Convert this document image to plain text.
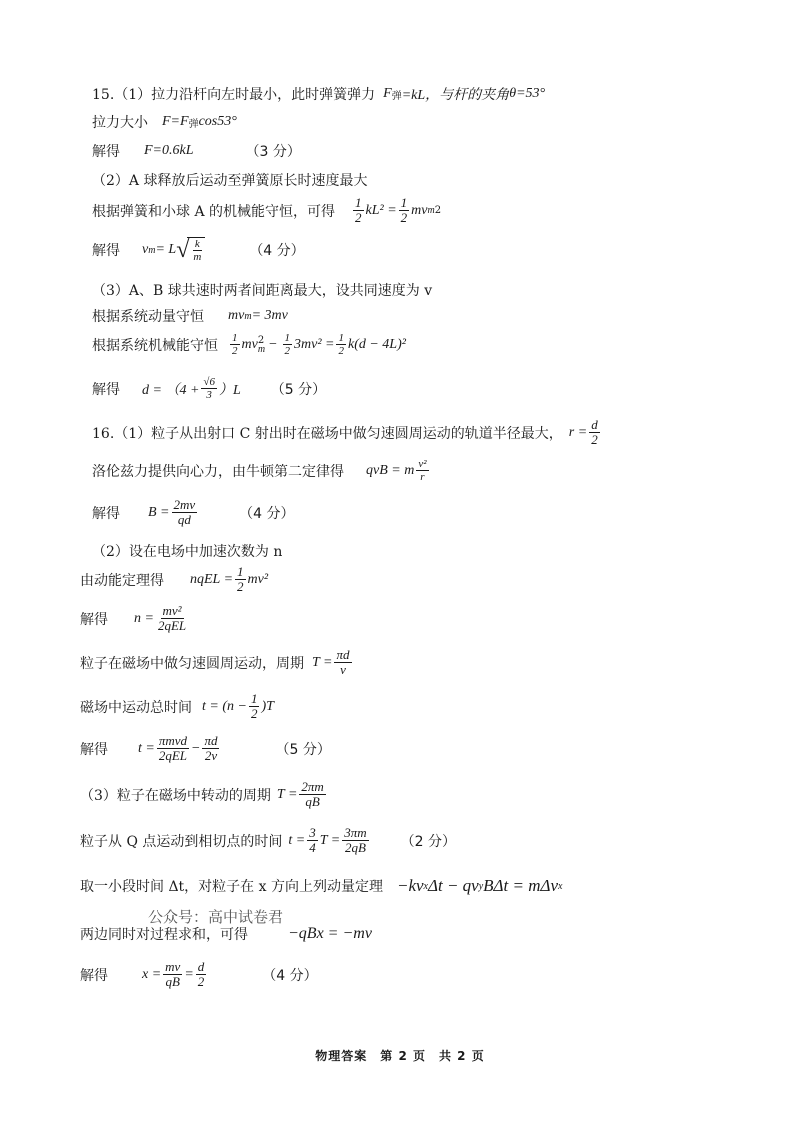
15.（1）拉力沿杆向左时最小，此时弹簧弹力 F 弹 =kL，与杆的夹角 θ=53°
拉力大小 F=F 弹 cos53°
解得 F=0.6kL	（3 分）
（2）A 球释放后运动至弹簧原长时速度最大
根据弹簧和小球 A 的机械能守恒，可得 $\frac{1}{2} kL^2 = \frac{1}{2}$ mv m 2
解得 v m = L √ $\frac{k}{m}$	（4 分）
（3）A、B 球共速时两者间距离最大，设共同速度为 v
根据系统动量守恒 mv m = 3mv
根据系统机械能守恒 $\frac{1}{2}$ mv 2
$m - \frac{1}{2} 3mv^2 = \frac{1}{2} k(d - 4L)^2$
解得 $d = (4 + \frac{√6}{3} )L$ （5 分）
16.（1）粒子从出射口 C 射出时在磁场中做匀速圆周运动的轨道半径最大， $r = \frac{d}{2}$
洛伦兹力提供向心力，由牛顿第二定律得 qvB = m $\frac{\text{v²}}{r}$
解得 $B = \frac{2mv}{qd}$	（4 分）
（2）设在电场中加速次数为 n
由动能定理得 nqEL = $\frac{1}{2} mv^2$
解得 $n = \frac{\text{mv²}}{\text{2qEL}}$
粒子在磁场中做匀速圆周运动，周期 $T = \frac{\pi d}{v}$
磁场中运动总时间 $t = (n - \frac{1}{2} )T$
解得 $t = \frac{\text{πmvd}}{\text{2qEL}} - \frac{\pi d}{2v}$	（5 分）
（3）粒子在磁场中转动的周期 $T = \frac{2\pi m}{qB}$
粒子从 Q 点运动到相切点的时间 $t = \frac{3}{4}$ $T = \frac{3\pi m}{2qB} (2$ 分）
取一小段时间 Δt，对粒子在 x 方向上列动量定理 −kv x Δt − qv y BΔt = mΔv x
公众号：高中试卷君
两边同时对过程求和，可得	−qBx = −mv
解得 $x = \frac{mv}{qB} = \frac{d}{2}$	（4 分）
物理答案　第 2 页　共 2 页
